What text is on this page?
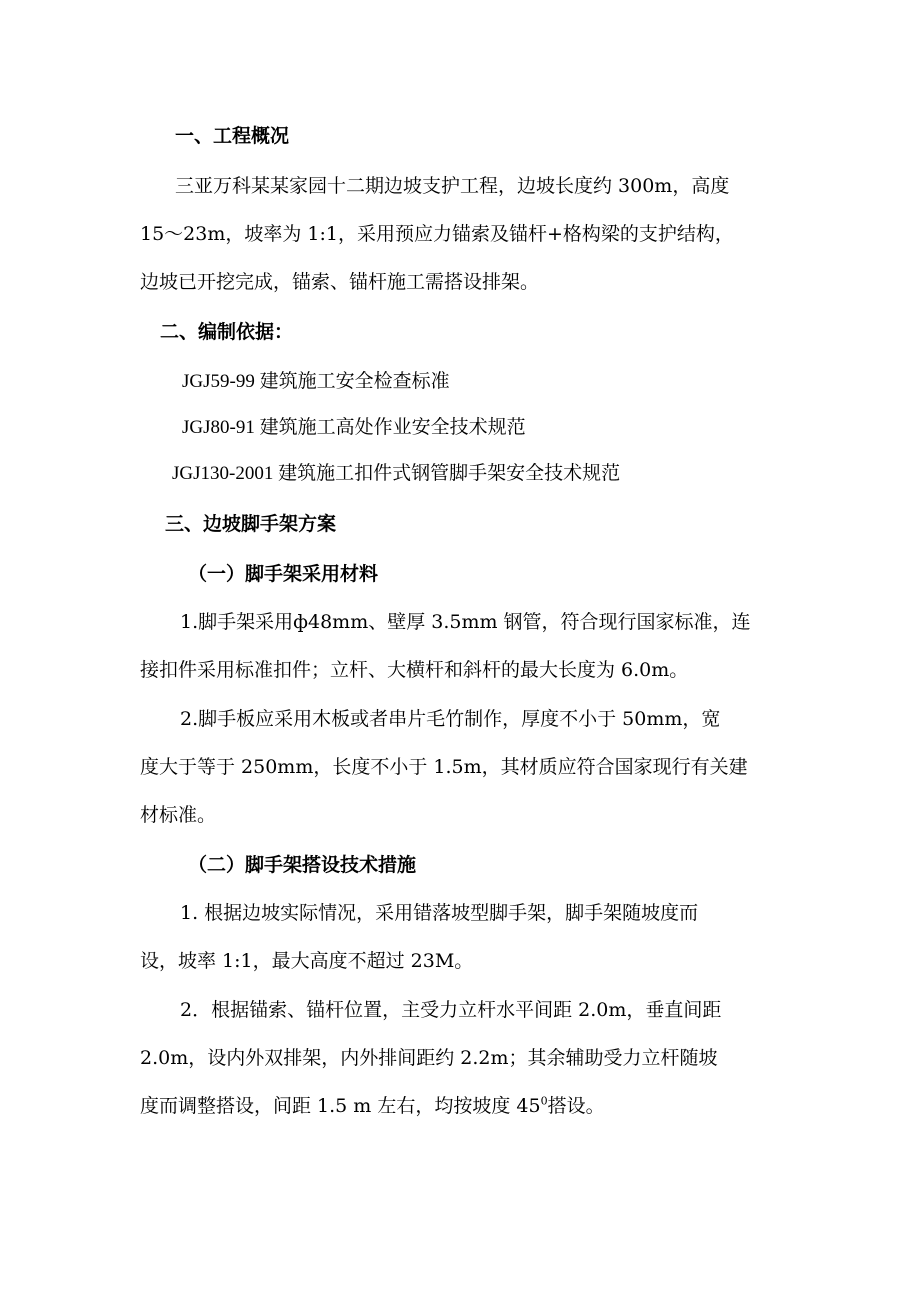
一、工程概况
三亚万科某某家园十二期边坡支护工程，边坡长度约 300m，高度
15～23m，坡率为 1:1，采用预应力锚索及锚杆+格构梁的支护结构，
边坡已开挖完成，锚索、锚杆施工需搭设排架。
二、编制依据：
JGJ59-99 建筑施工安全检查标准
JGJ80-91 建筑施工高处作业安全技术规范
JGJ130-2001 建筑施工扣件式钢管脚手架安全技术规范
三、边坡脚手架方案
（一）脚手架采用材料
1.脚手架采用ф48mm、壁厚 3.5mm 钢管，符合现行国家标准，连
接扣件采用标准扣件；立杆、大横杆和斜杆的最大长度为 6.0m。
2.脚手板应采用木板或者串片毛竹制作，厚度不小于 50mm，宽
度大于等于 250mm，长度不小于 1.5m，其材质应符合国家现行有关建
材标准。
（二）脚手架搭设技术措施
1. 根据边坡实际情况，采用错落坡型脚手架，脚手架随坡度而
设，坡率 1:1，最大高度不超过 23M。
2．根据锚索、锚杆位置，主受力立杆水平间距 2.0m，垂直间距
2.0m，设内外双排架，内外排间距约 2.2m；其余辅助受力立杆随坡
度而调整搭设，间距 1.5 m 左右，均按坡度 $45^0$搭设。
